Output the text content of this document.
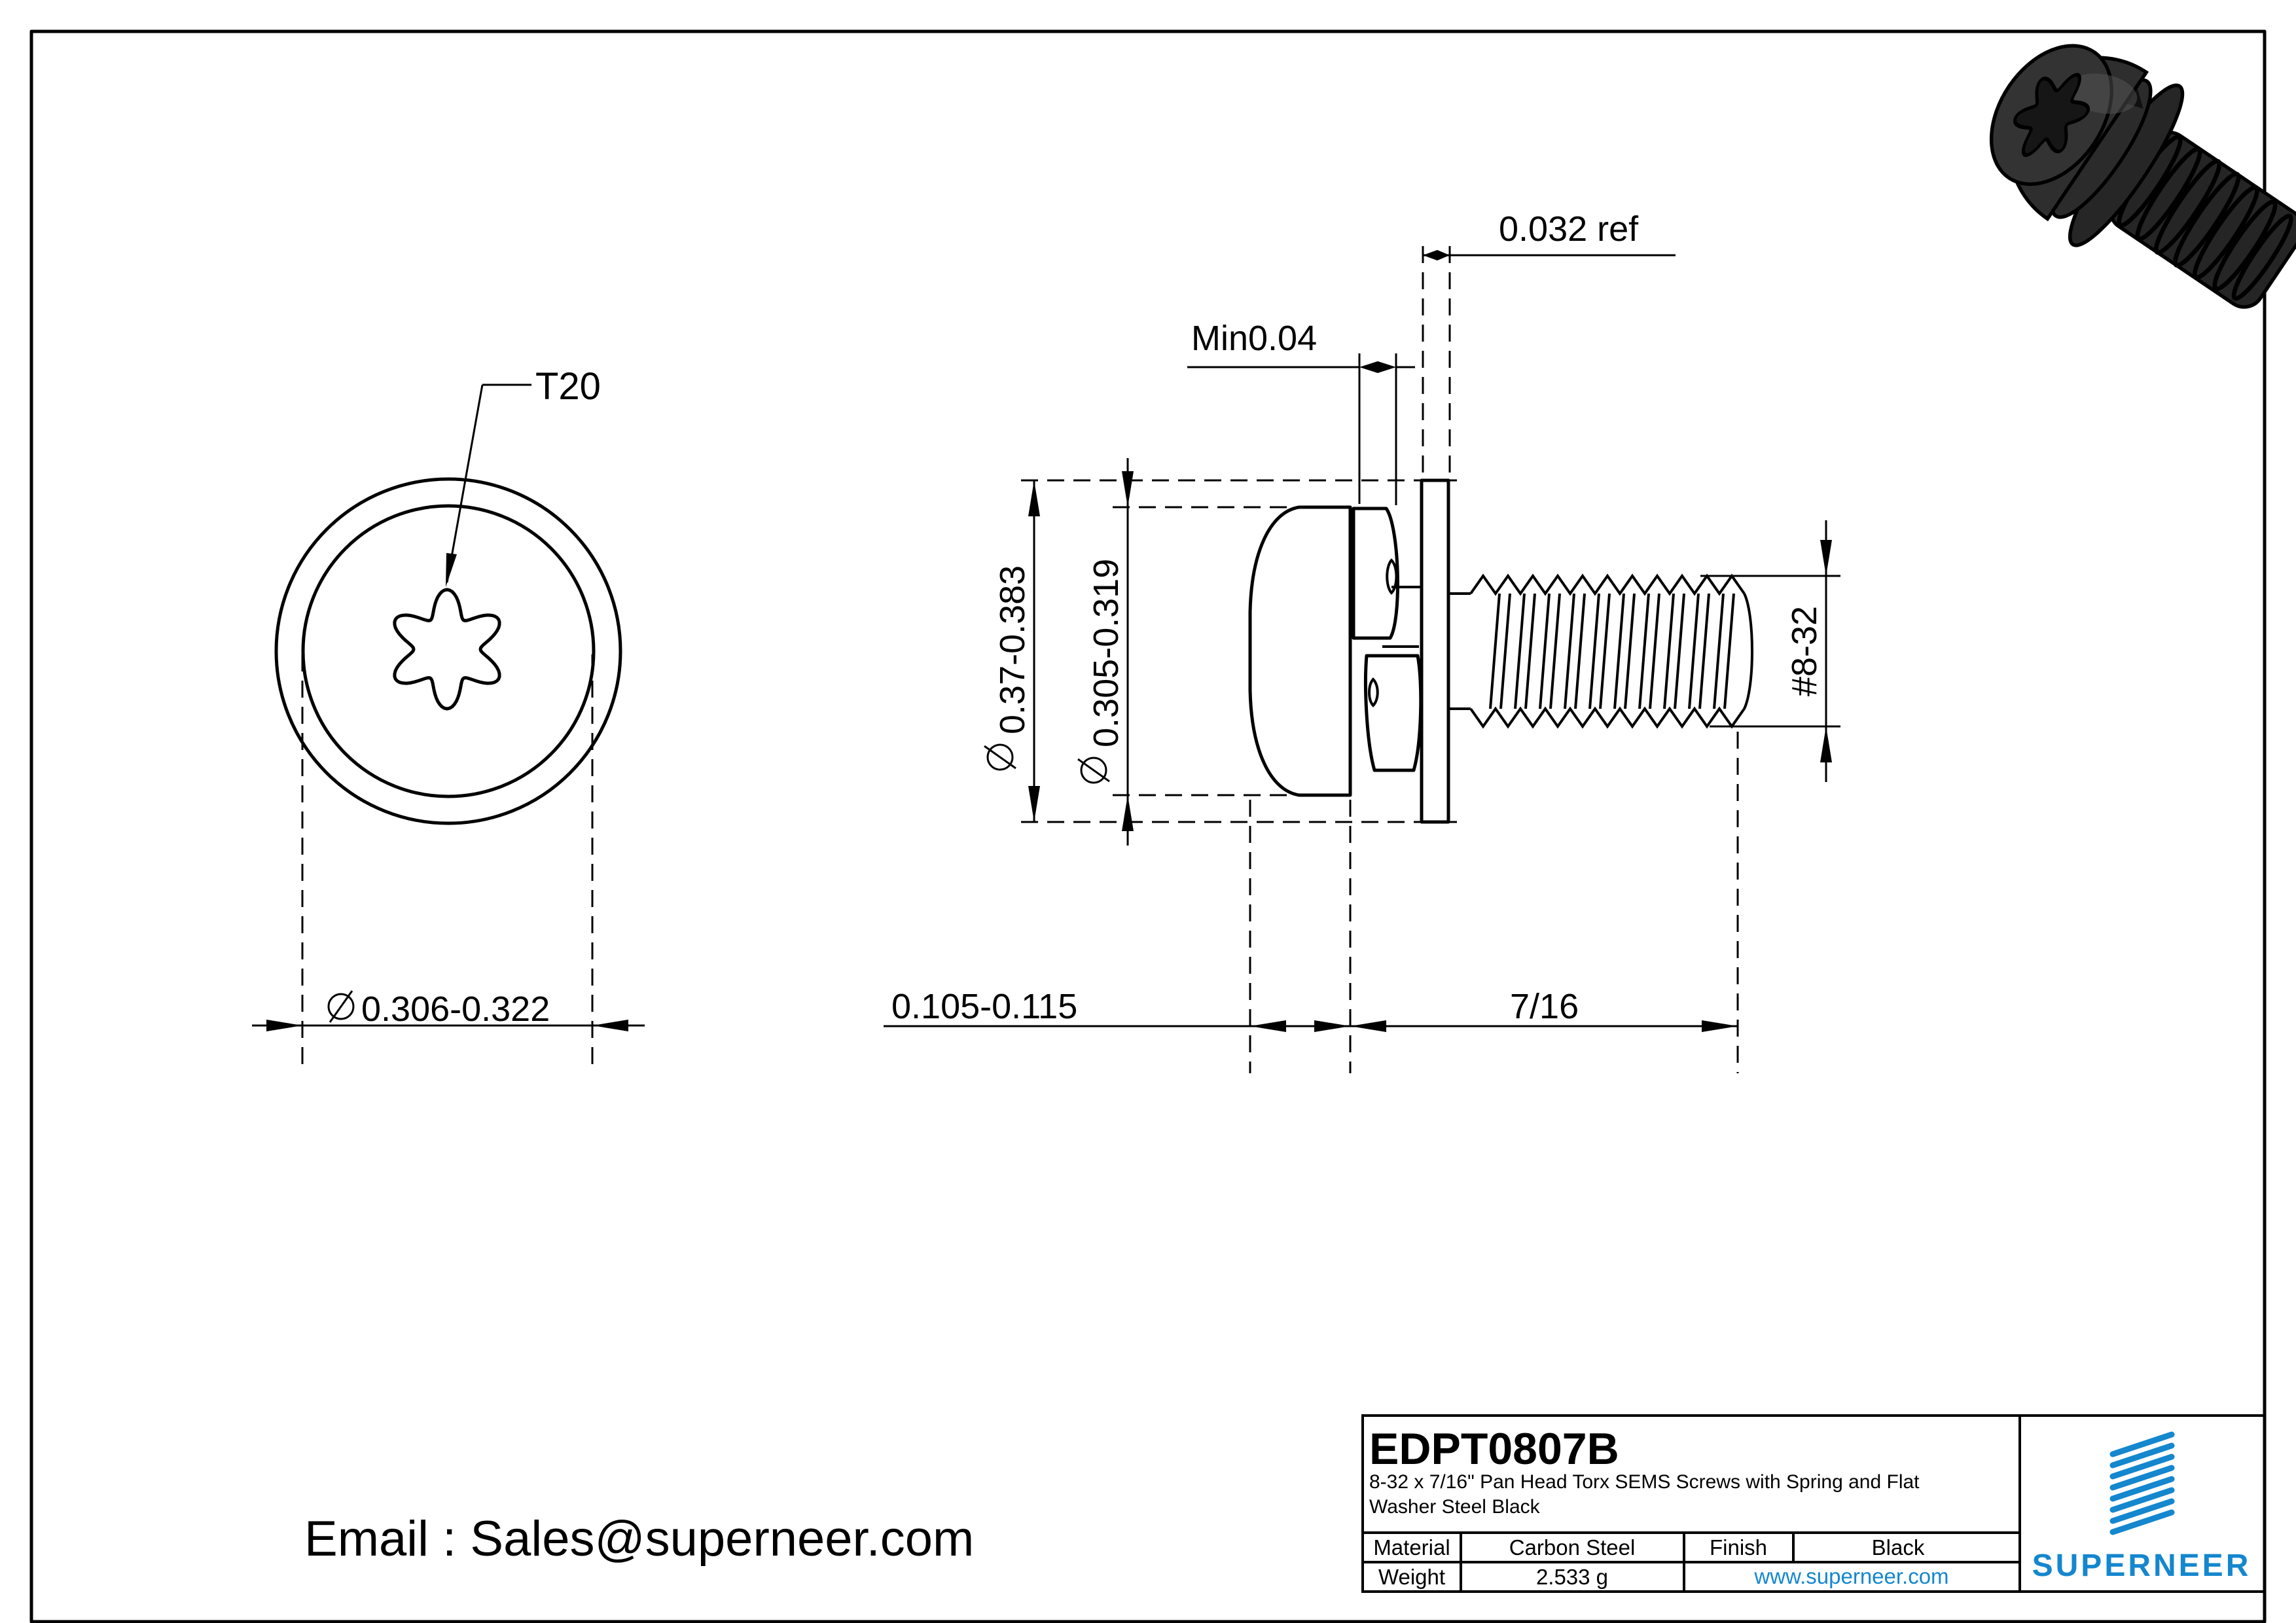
T20
0.306-0.322
0.37-0.383 0.305-0.319
Min0.04
0.032 ref
0.105-0.115	7/16
#8-32
Email : Sales@superneer.com
EDPT0807B
8-32 x 7/16" Pan Head Torx SEMS Screws with Spring and Flat
Washer Steel Black
Material	Carbon Steel	Finish	Black
Weight	2.533 g	www.superneer.com	SUPERNEER
